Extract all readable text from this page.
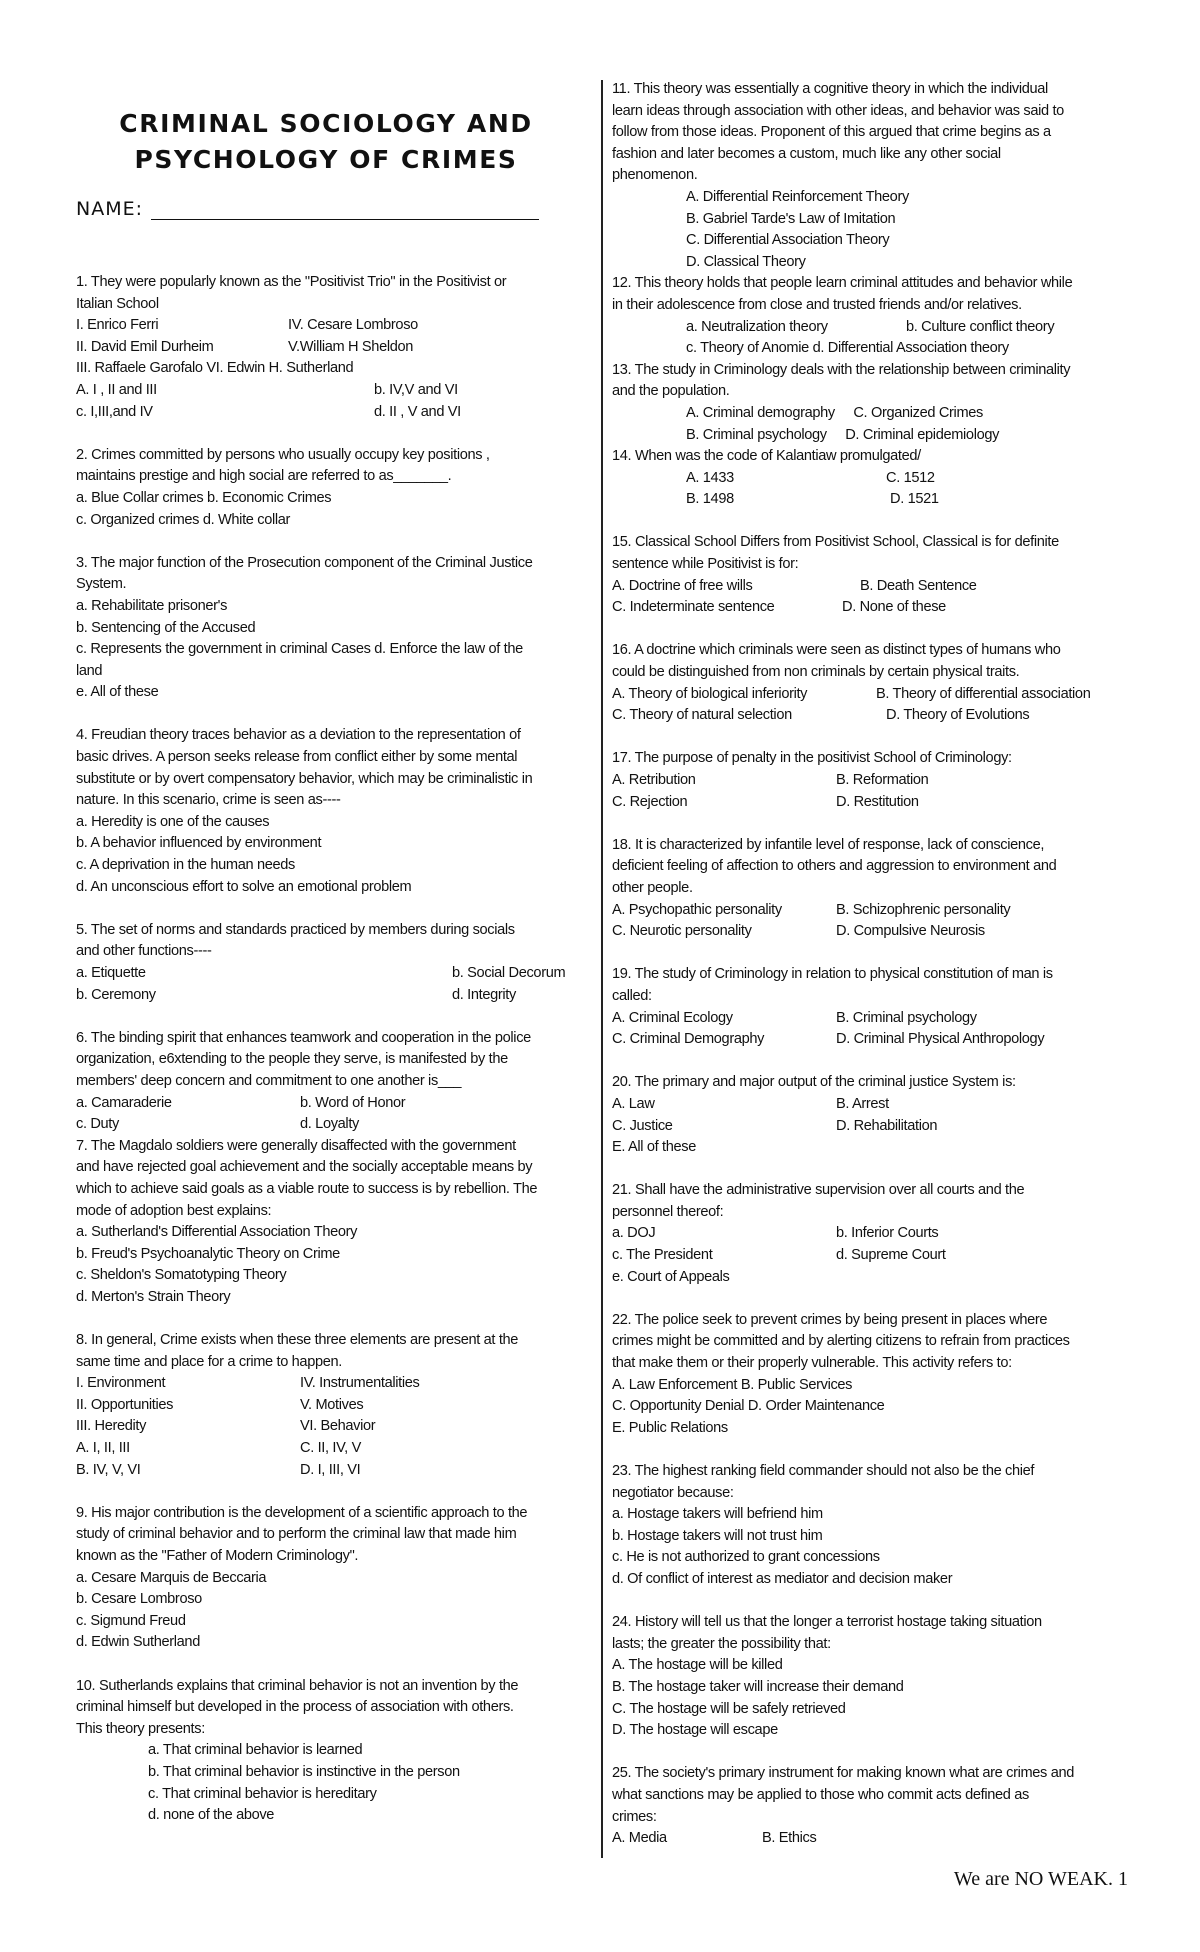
CRIMINAL SOCIOLOGY AND
PSYCHOLOGY OF CRIMES
NAME:

1. They were popularly known as the "Positivist Trio" in the Positivist or

Italian School

I. Enrico Ferri	IV. Cesare Lombroso
II. David Emil Durheim	V.William H Sheldon

III. Raffaele Garofalo VI. Edwin H. Sutherland

A. I , II and III	b. IV,V and VI
c. I,III,and IV	d. II , V and VI

2. Crimes committed by persons who usually occupy key positions ,

maintains prestige and high social are referred to as_______.

a. Blue Collar crimes b. Economic Crimes

c. Organized crimes d. White collar

3. The major function of the Prosecution component of the Criminal Justice

System.

a. Rehabilitate prisoner's

b. Sentencing of the Accused

c. Represents the government in criminal Cases d. Enforce the law of the

land

e. All of these

4. Freudian theory traces behavior as a deviation to the representation of

basic drives. A person seeks release from conflict either by some mental

substitute or by overt compensatory behavior, which may be criminalistic in

nature. In this scenario, crime is seen as----

a. Heredity is one of the causes

b. A behavior influenced by environment

c. A deprivation in the human needs

d. An unconscious effort to solve an emotional problem

5. The set of norms and standards practiced by members during socials

and other functions----

a. Etiquette	b. Social Decorum
b. Ceremony	d. Integrity

6. The binding spirit that enhances teamwork and cooperation in the police

organization, e6xtending to the people they serve, is manifested by the

members' deep concern and commitment to one another is___

a. Camaraderie	b. Word of Honor
c. Duty	d. Loyalty

7. The Magdalo soldiers were generally disaffected with the government

and have rejected goal achievement and the socially acceptable means by

which to achieve said goals as a viable route to success is by rebellion. The

mode of adoption best explains:

a. Sutherland's Differential Association Theory

b. Freud's Psychoanalytic Theory on Crime

c. Sheldon's Somatotyping Theory

d. Merton's Strain Theory

8. In general, Crime exists when these three elements are present at the

same time and place for a crime to happen.

I. Environment	IV. Instrumentalities
II. Opportunities	V. Motives
III. Heredity	VI. Behavior
A. I, II, III	C. II, IV, V
B. IV, V, VI	D. I, III, VI

9. His major contribution is the development of a scientific approach to the

study of criminal behavior and to perform the criminal law that made him

known as the "Father of Modern Criminology".

a. Cesare Marquis de Beccaria

b. Cesare Lombroso

c. Sigmund Freud

d. Edwin Sutherland

10. Sutherlands explains that criminal behavior is not an invention by the

criminal himself but developed in the process of association with others.

This theory presents:

a. That criminal behavior is learned

b. That criminal behavior is instinctive in the person

c. That criminal behavior is hereditary

d. none of the above

11. This theory was essentially a cognitive theory in which the individual

learn ideas through association with other ideas, and behavior was said to

follow from those ideas. Proponent of this argued that crime begins as a

fashion and later becomes a custom, much like any other social

phenomenon.

A. Differential Reinforcement Theory

B. Gabriel Tarde's Law of Imitation

C. Differential Association Theory

D. Classical Theory

12. This theory holds that people learn criminal attitudes and behavior while

in their adolescence from close and trusted friends and/or relatives.

a. Neutralization theory	b. Culture conflict theory

c. Theory of Anomie d. Differential Association theory

13. The study in Criminology deals with the relationship between criminality

and the population.

A. Criminal demography     C. Organized Crimes

B. Criminal psychology     D. Criminal epidemiology

14. When was the code of Kalantiaw promulgated/

A. 1433	C. 1512
B. 1498	D. 1521

15. Classical School Differs from Positivist School, Classical is for definite

sentence while Positivist is for:

A. Doctrine of free wills	B. Death Sentence
C. Indeterminate sentence	D. None of these

16. A doctrine which criminals were seen as distinct types of humans who

could be distinguished from non criminals by certain physical traits.

A. Theory of biological inferiority	B. Theory of differential association
C. Theory of natural selection	D. Theory of Evolutions

17. The purpose of penalty in the positivist School of Criminology:

A. Retribution	B. Reformation
C. Rejection	D. Restitution

18. It is characterized by infantile level of response, lack of conscience,

deficient feeling of affection to others and aggression to environment and

other people.

A. Psychopathic personality	B. Schizophrenic personality
C. Neurotic personality	D. Compulsive Neurosis

19. The study of Criminology in relation to physical constitution of man is

called:

A. Criminal Ecology	B. Criminal psychology
C. Criminal Demography	D. Criminal Physical Anthropology

20. The primary and major output of the criminal justice System is:

A. Law	B. Arrest
C. Justice	D. Rehabilitation

E. All of these

21. Shall have the administrative supervision over all courts and the

personnel thereof:

a. DOJ	b. Inferior Courts
c. The President	d. Supreme Court

e. Court of Appeals

22. The police seek to prevent crimes by being present in places where

crimes might be committed and by alerting citizens to refrain from practices

that make them or their properly vulnerable. This activity refers to:

A. Law Enforcement B. Public Services

C. Opportunity Denial D. Order Maintenance

E. Public Relations

23. The highest ranking field commander should not also be the chief

negotiator because:

a. Hostage takers will befriend him

b. Hostage takers will not trust him

c. He is not authorized to grant concessions

d. Of conflict of interest as mediator and decision maker

24. History will tell us that the longer a terrorist hostage taking situation

lasts; the greater the possibility that:

A. The hostage will be killed

B. The hostage taker will increase their demand

C. The hostage will be safely retrieved

D. The hostage will escape

25. The society's primary instrument for making known what are crimes and

what sanctions may be applied to those who commit acts defined as

crimes:

A. Media	B. Ethics
We are NO WEAK. 1
